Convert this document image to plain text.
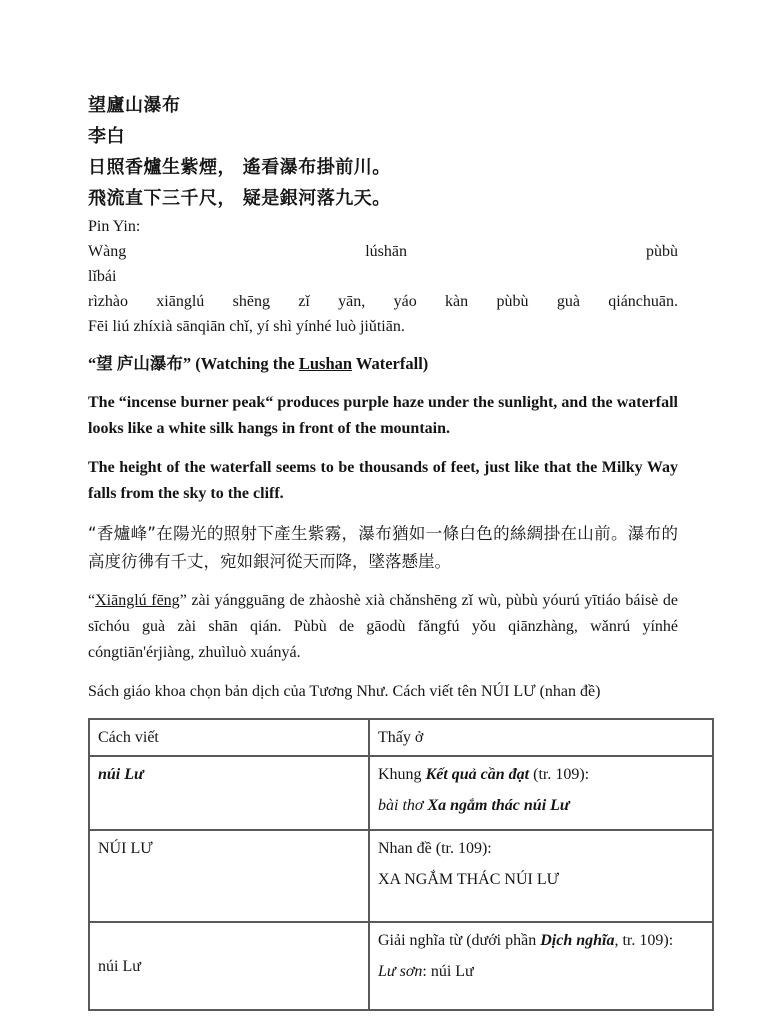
望廬山瀑布
李白
日照香爐生紫煙， 遙看瀑布掛前川。
飛流直下三千尺， 疑是銀河落九天。
Pin Yin:
Wàng	lúshān	pùbù
lǐbái
rìzhào xiānglú shēng zǐ yān, yáo kàn pùbù guà qiánchuān.
Fēi liú zhíxià sānqiān chǐ, yí shì yínhé luò jiǔtiān.
“望 庐山瀑布” (Watching the Lushan Waterfall)
The “incense burner peak“ produces purple haze under the sunlight, and the waterfall looks like a white silk hangs in front of the mountain.
The height of the waterfall seems to be thousands of feet, just like that the Milky Way falls from the sky to the cliff.
“香爐峰”在陽光的照射下產生紫霧，瀑布猶如一條白色的絲綢掛在山前。瀑布的高度彷彿有千丈，宛如銀河從天而降，墜落懸崖。
“Xiānglú fēng” zài yángguāng de zhàoshè xià chǎnshēng zǐ wù, pùbù yóurú yītiáo báisè de sīchóu guà zài shān qián. Pùbù de gāodù fǎngfú yǒu qiānzhàng, wǎnrú yínhé cóngtiān'érjiàng, zhuìluò xuányá.
Sách giáo khoa chọn bản dịch của Tương Như. Cách viết tên NÚI LƯ (nhan đề)
Cách viết	Thấy ở
núi Lư	Khung Kết quả cần đạt (tr. 109):
bài thơ Xa ngắm thác núi Lư

NÚI LƯ	Nhan đề (tr. 109):
XA NGẮM THÁC NÚI LƯ

núi Lư	Giải nghĩa từ (dưới phần Dịch nghĩa, tr. 109):
Lư sơn: núi Lư
